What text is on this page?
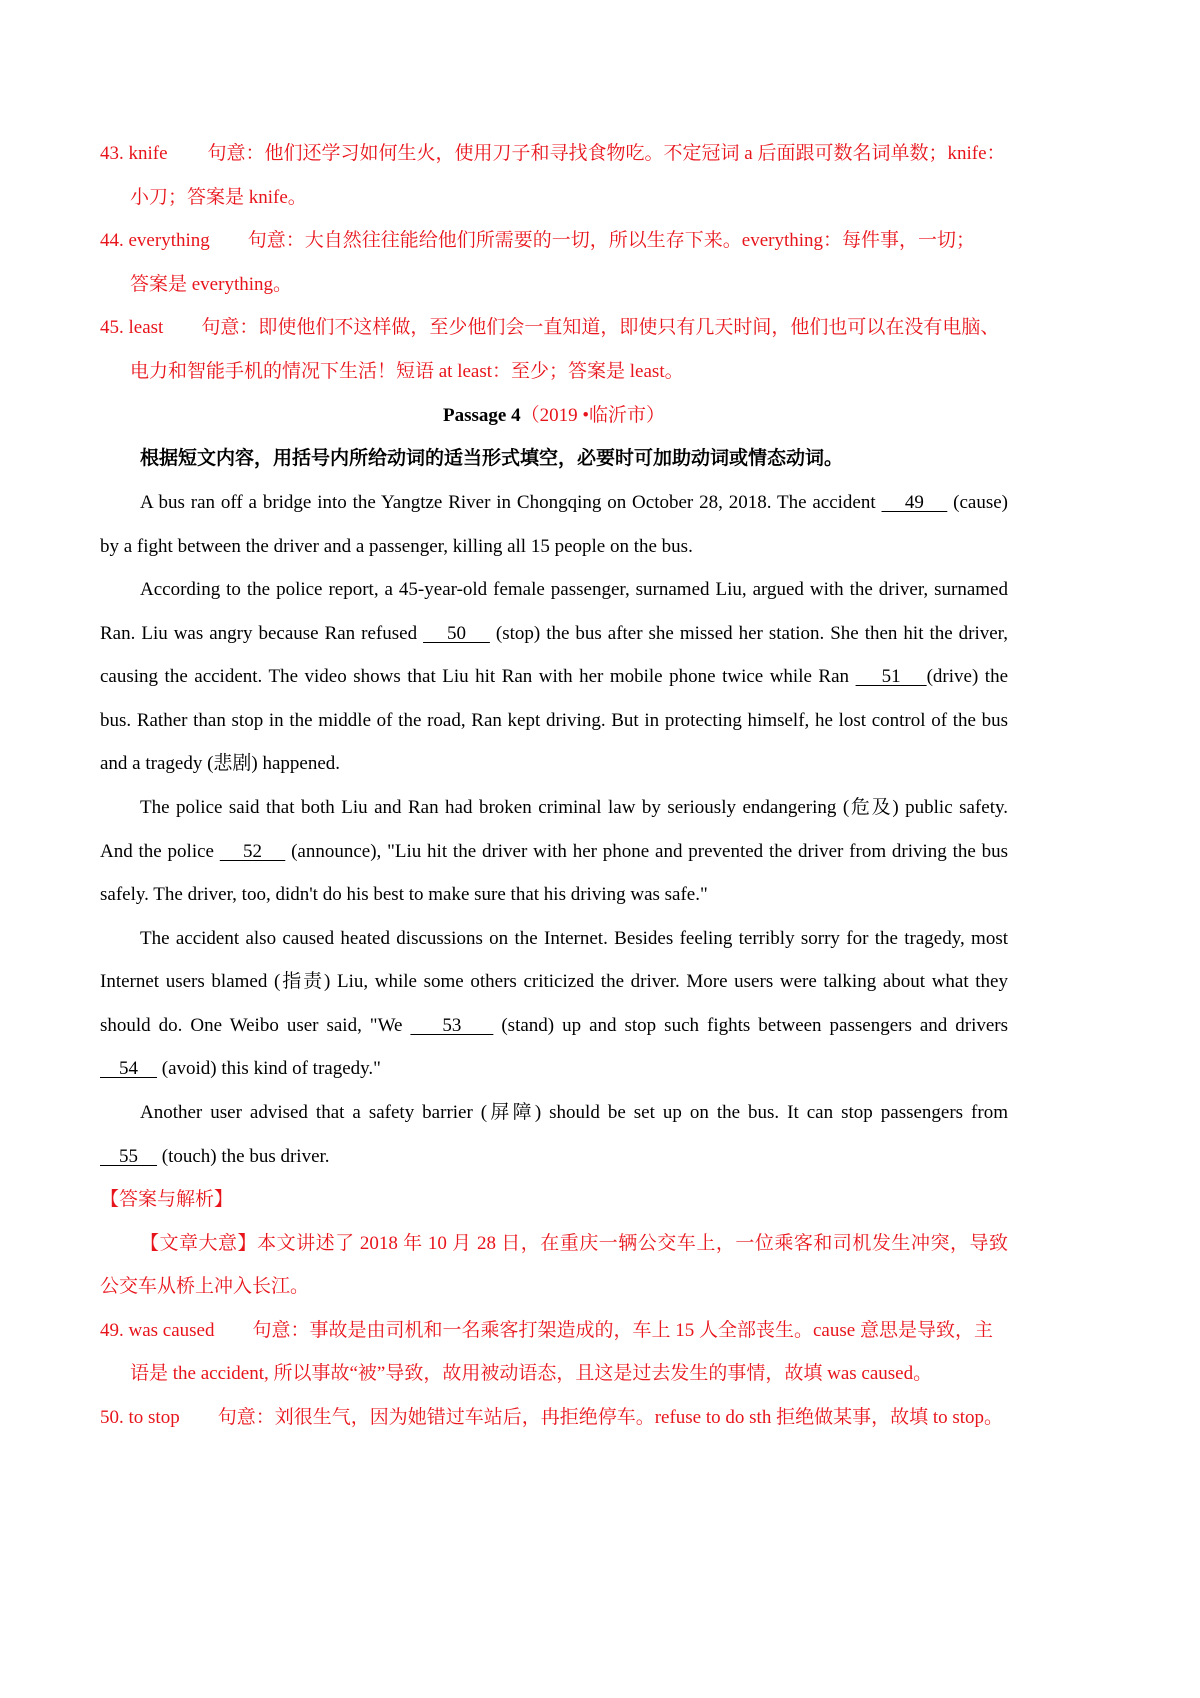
43. knife 句意：他们还学习如何生火，使用刀子和寻找食物吃。不定冠词 a 后面跟可数名词单数；knife：
小刀；答案是 knife。
44. everything 句意：大自然往往能给他们所需要的一切，所以生存下来。everything：每件事，一切；
答案是 everything。
45. least 句意：即使他们不这样做，至少他们会一直知道，即使只有几天时间，他们也可以在没有电脑、
电力和智能手机的情况下生活！短语 at least：至少；答案是 least。
Passage 4（2019 •临沂市）
根据短文内容，用括号内所给动词的适当形式填空，必要时可加助动词或情态动词。
A bus ran off a bridge into the Yangtze River in Chongqing on October 28, 2018. The accident     49     (cause)
by a fight between the driver and a passenger, killing all 15 people on the bus.
According to the police report, a 45-year-old female passenger, surnamed Liu, argued with the driver, surnamed
Ran. Liu was angry because Ran refused     50     (stop) the bus after she missed her station. She then hit the driver,
causing the accident. The video shows that Liu hit Ran with her mobile phone twice while Ran     51    (drive) the
bus. Rather than stop in the middle of the road, Ran kept driving. But in protecting himself, he lost control of the bus
and a tragedy (悲剧) happened.
The police said that both Liu and Ran had broken criminal law by seriously endangering (危及) public safety.
And the police     52     (announce), "Liu hit the driver with her phone and prevented the driver from driving the bus
safely. The driver, too, didn't do his best to make sure that his driving was safe."
The accident also caused heated discussions on the Internet. Besides feeling terribly sorry for the tragedy, most
Internet users blamed (指责) Liu, while some others criticized the driver. More users were talking about what they
should do. One Weibo user said, "We     53     (stand) up and stop such fights between passengers and drivers
54     (avoid) this kind of tragedy."
Another user advised that a safety barrier (屏障) should be set up on the bus. It can stop passengers from
55     (touch) the bus driver.
【答案与解析】
【文章大意】本文讲述了 2018 年 10 月 28 日，在重庆一辆公交车上，一位乘客和司机发生冲突，导致
公交车从桥上冲入长江。
49. was caused 句意：事故是由司机和一名乘客打架造成的，车上 15 人全部丧生。cause 意思是导致，主
语是 the accident, 所以事故“被”导致，故用被动语态，且这是过去发生的事情，故填 was caused。
50. to stop 句意：刘很生气，因为她错过车站后，冉拒绝停车。refuse to do sth 拒绝做某事，故填 to stop。
